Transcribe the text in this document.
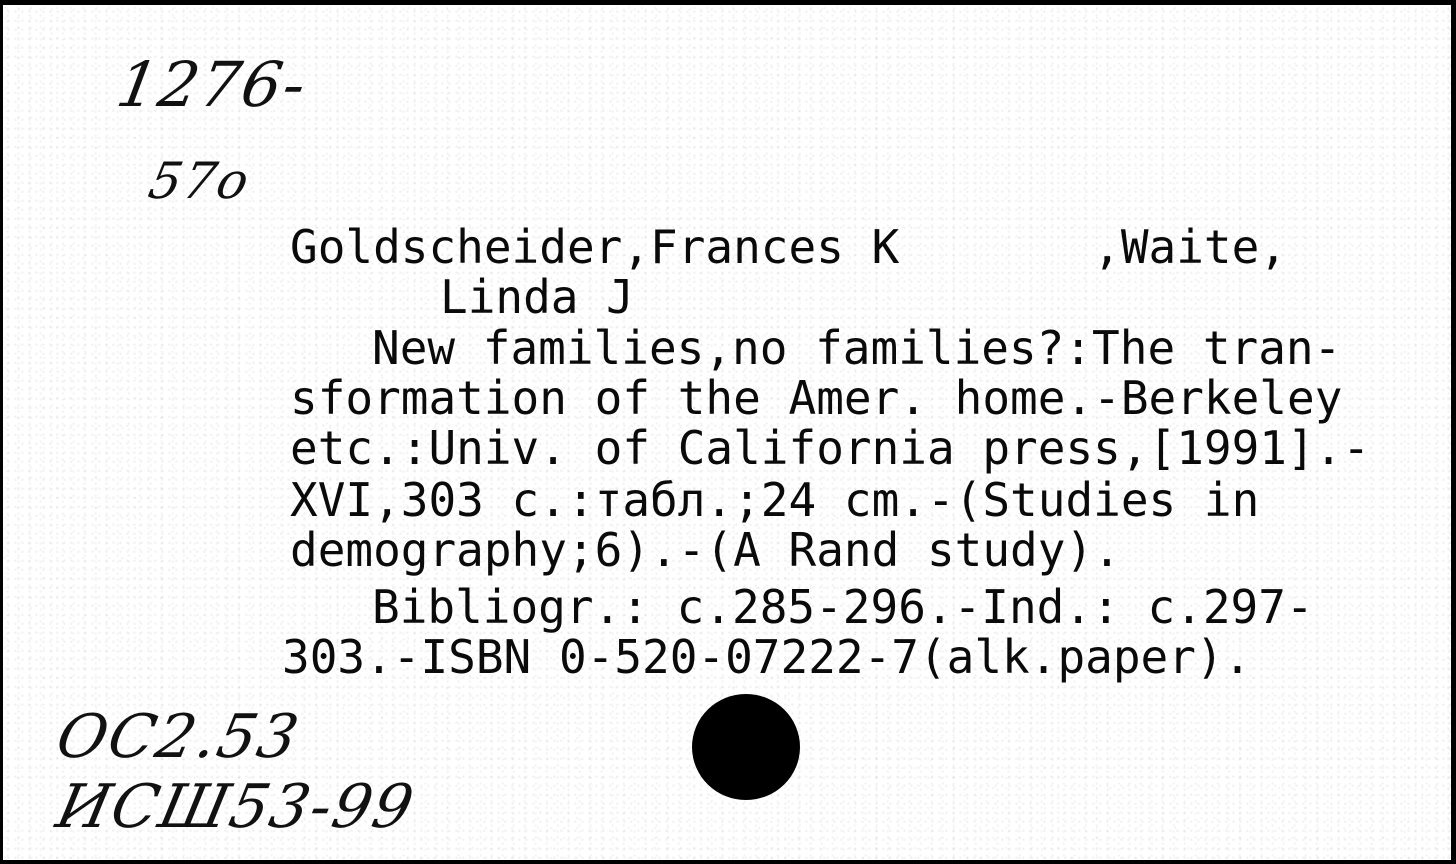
1276-
57o
Goldscheider,Frances K       ,Waite,
Linda J
New families,no families?:The tran-
sformation of the Amer. home.-Berkeley
etc.:Univ. of California press,[1991].-
XVI,303 с.:табл.;24 cm.-(Studies in
demography;6).-(A Rand study).
Bibliogr.: c.285-296.-Ind.: c.297-
303.-ISBN 0-520-07222-7(alk.paper).
ОС2.53
ИСШ53-99
